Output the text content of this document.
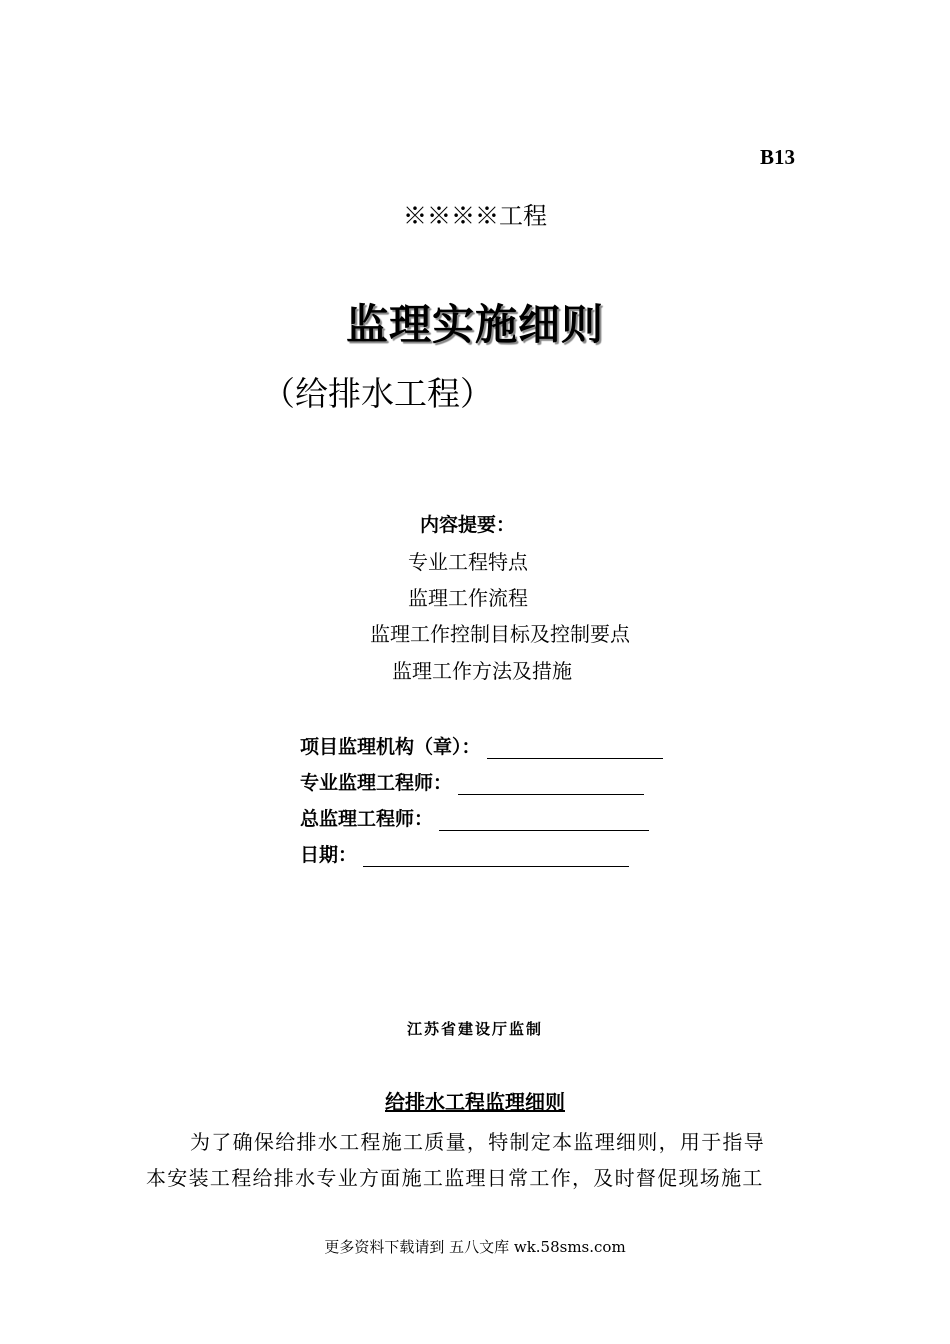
B13
※※※※工程
监理实施细则
（给排水工程）
内容提要：
专业工程特点
监理工作流程
监理工作控制目标及控制要点
监理工作方法及措施
项目监理机构（章）：
专业监理工程师：
总监理工程师：
日期：
江苏省建设厅监制
给排水工程监理细则
为了确保给排水工程施工质量，特制定本监理细则，用于指导
本安装工程给排水专业方面施工监理日常工作，及时督促现场施工
更多资料下载请到 五八文库 wk.58sms.com
